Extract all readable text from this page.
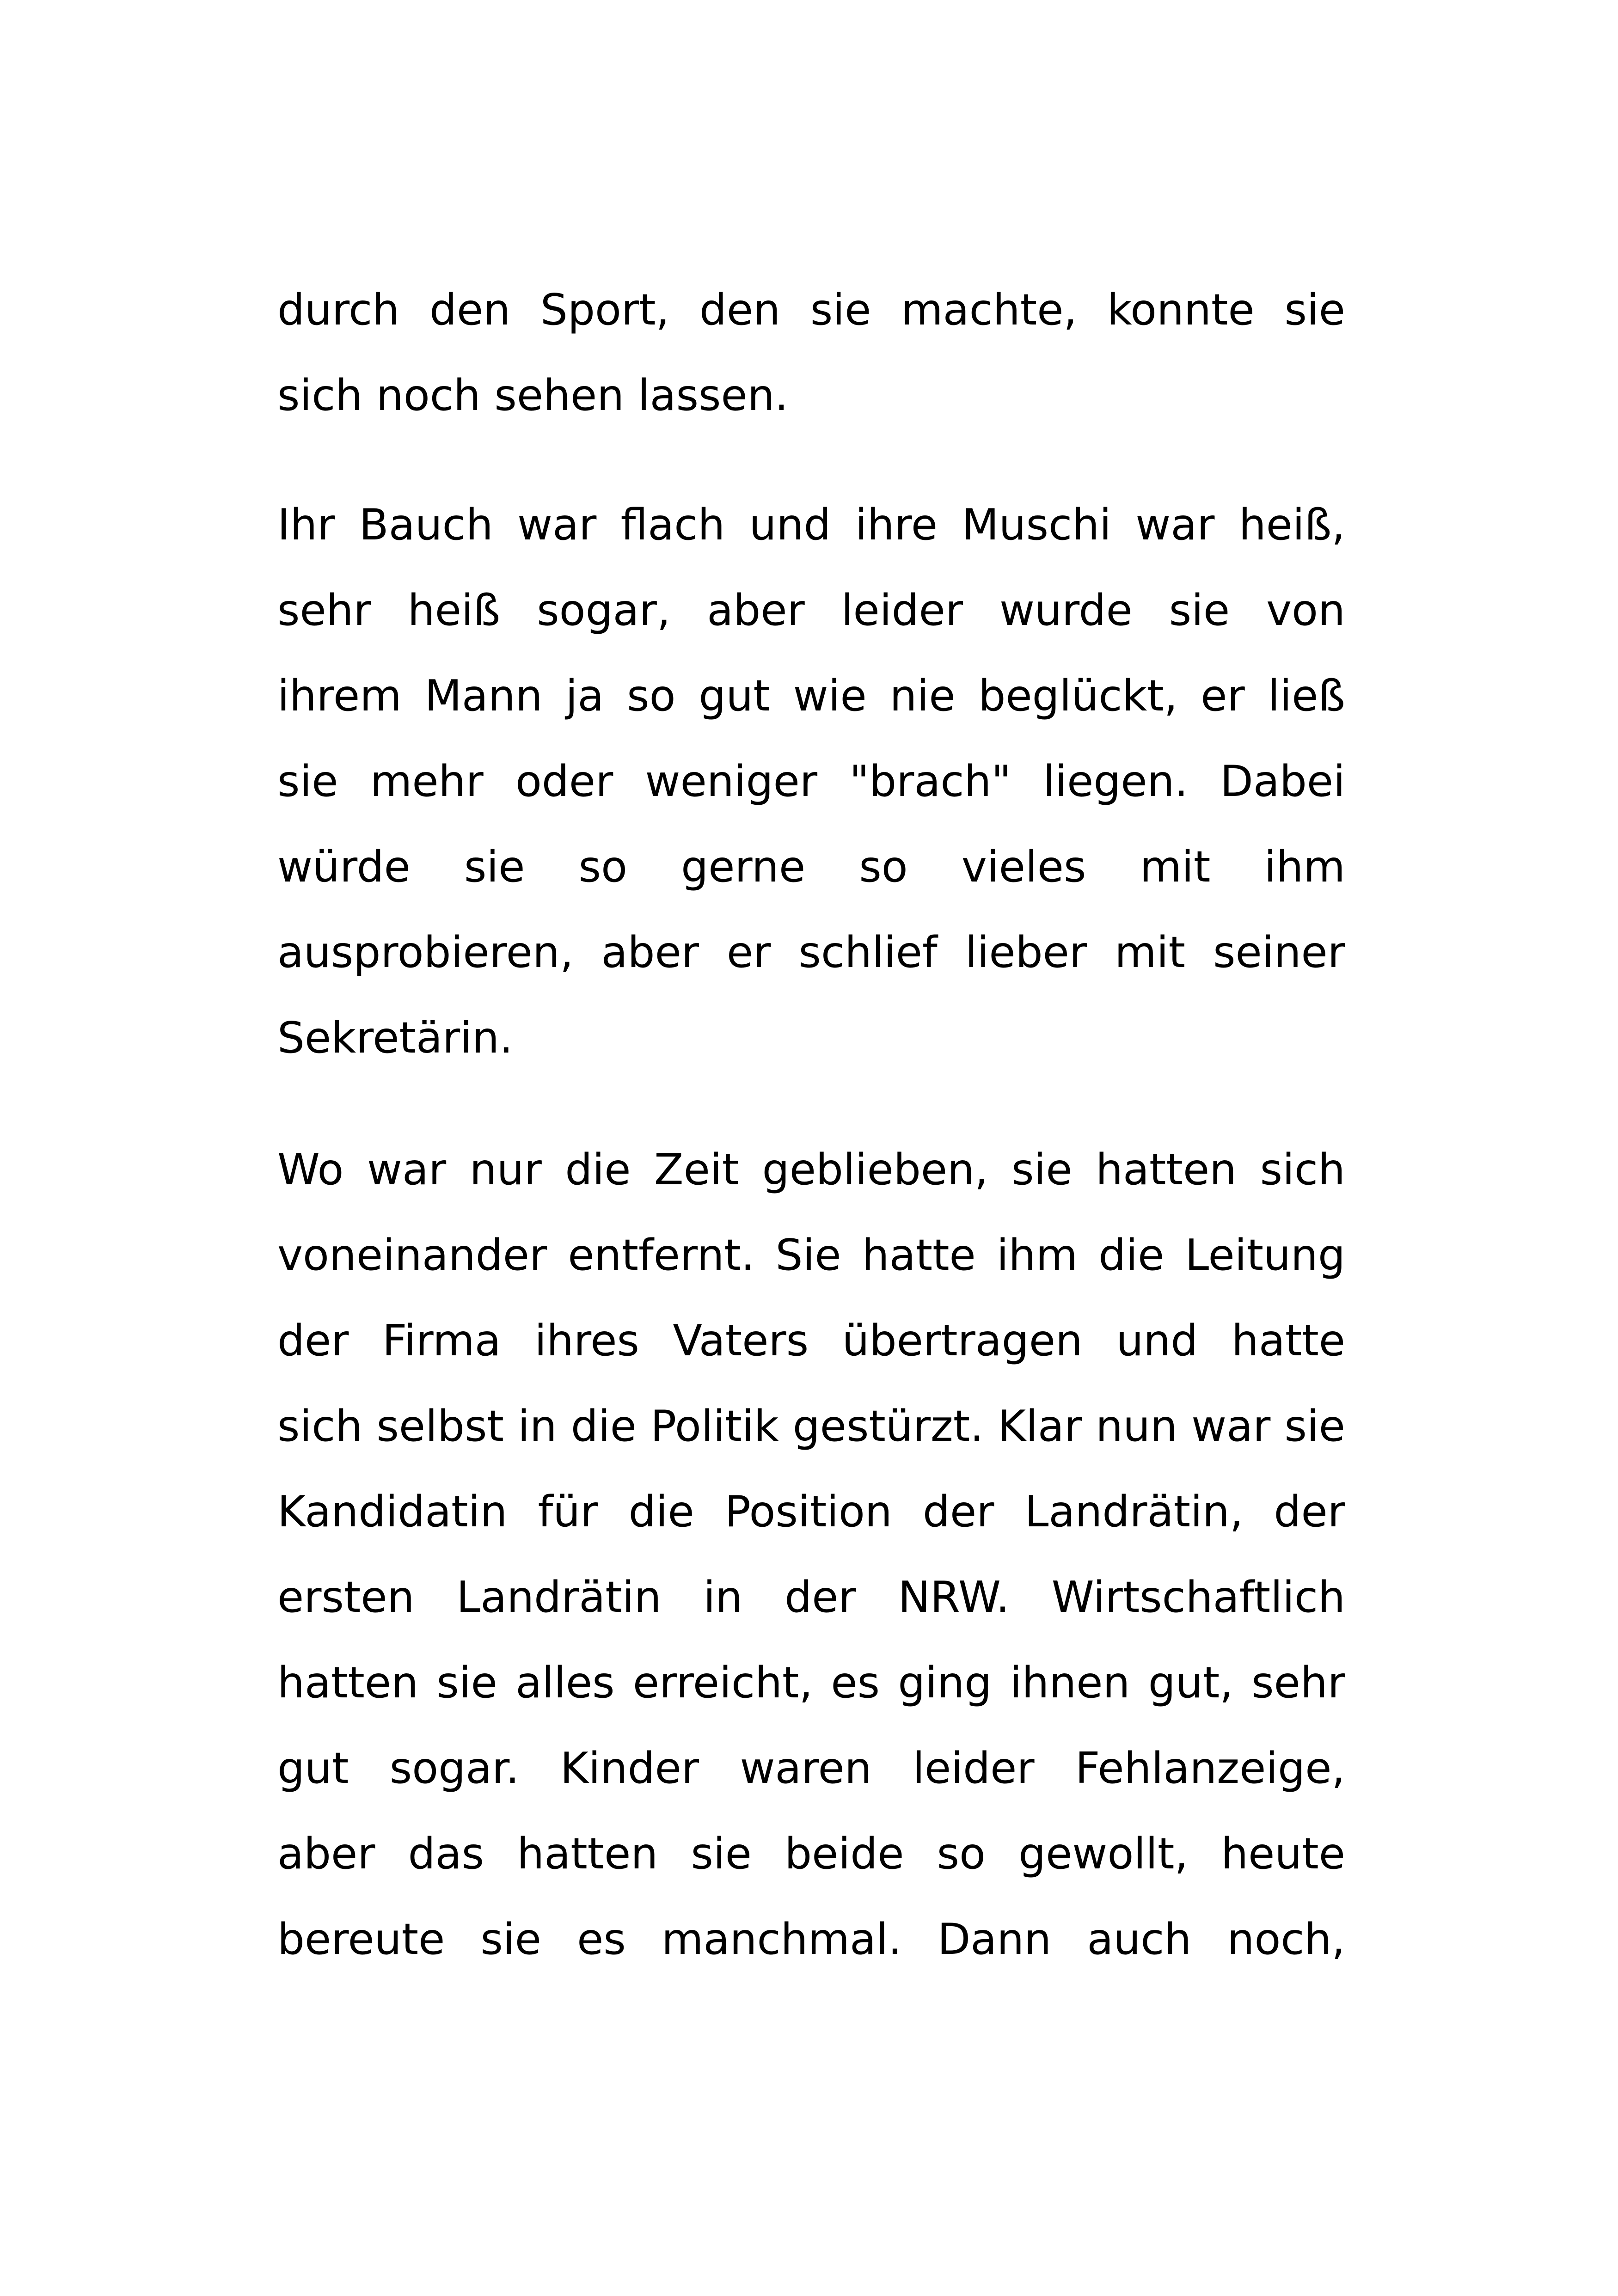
durch den Sport, den sie machte, konnte sie
sich noch sehen lassen.
Ihr Bauch war flach und ihre Muschi war heiß,
sehr heiß sogar, aber leider wurde sie von
ihrem Mann ja so gut wie nie beglückt, er ließ
sie mehr oder weniger "brach" liegen. Dabei
würde sie so gerne so vieles mit ihm
ausprobieren, aber er schlief lieber mit seiner
Sekretärin.
Wo war nur die Zeit geblieben, sie hatten sich
voneinander entfernt. Sie hatte ihm die Leitung
der Firma ihres Vaters übertragen und hatte
sich selbst in die Politik gestürzt. Klar nun war sie
Kandidatin für die Position der Landrätin, der
ersten Landrätin in der NRW. Wirtschaftlich
hatten sie alles erreicht, es ging ihnen gut, sehr
gut sogar. Kinder waren leider Fehlanzeige,
aber das hatten sie beide so gewollt, heute
bereute sie es manchmal. Dann auch noch,
